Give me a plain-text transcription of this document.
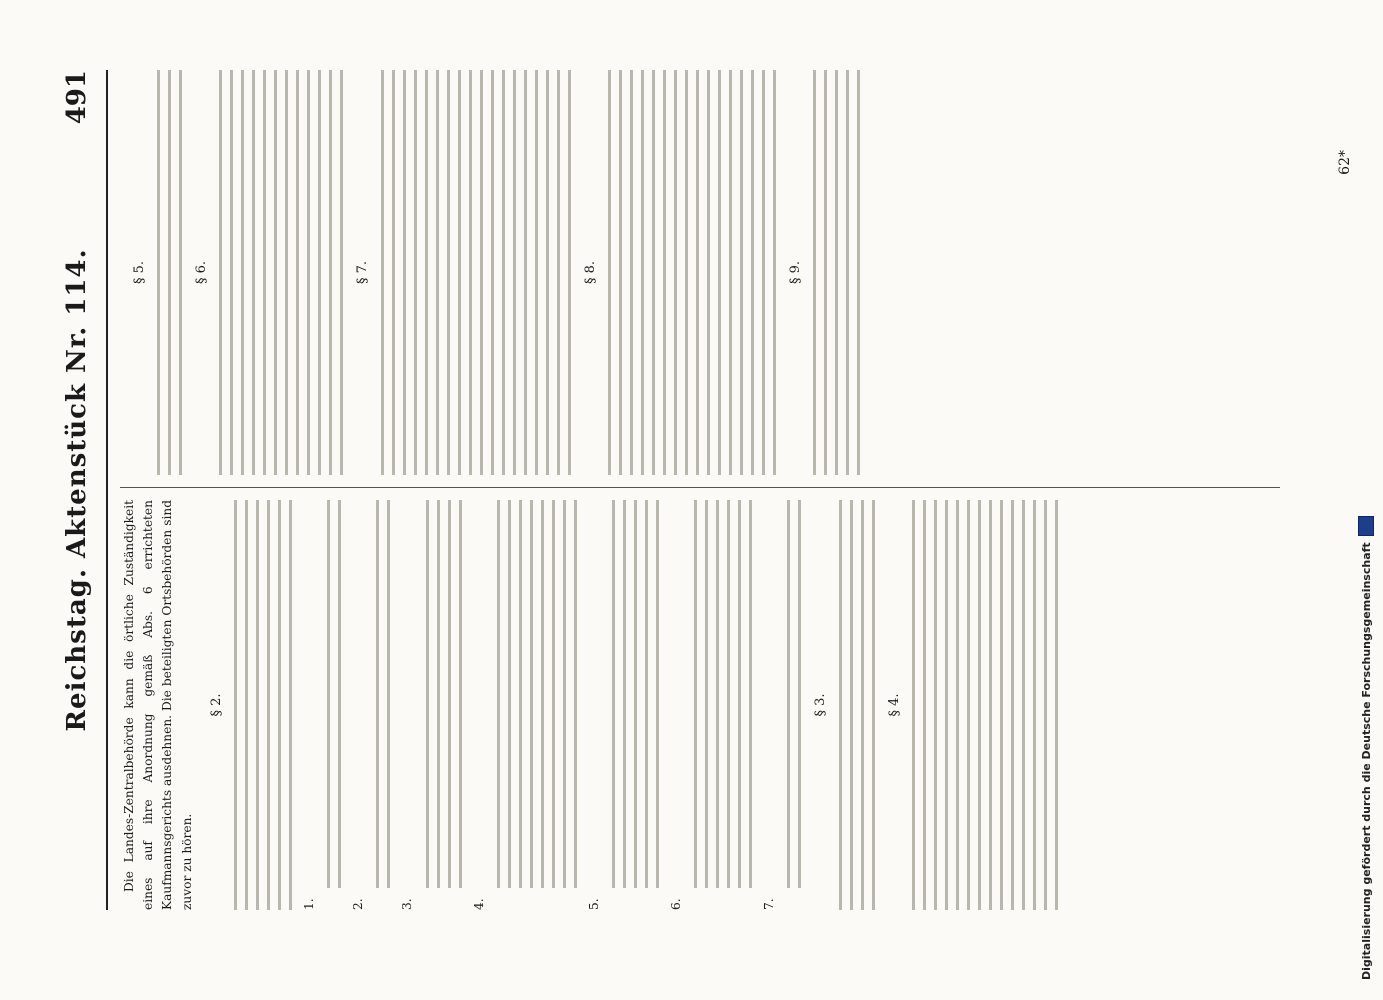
Reichstag. Aktenstück Nr. 114.
491

Die Landes-Zentralbehörde kann die örtliche Zuständigkeit eines auf ihre Anordnung gemäß Abs. 6 errichteten Kaufmannsgerichts ausdehnen. Die beteiligten Ortsbehörden sind zuvor zu hören.

§ 2.
1.	2.	3.	4.	5.	6.	7.
§ 3.	§ 4.
§ 5.	§ 6.	§ 7.	§ 8.	§ 9.
62*
Digitalisierung gefördert durch die Deutsche Forschungsgemeinschaft
